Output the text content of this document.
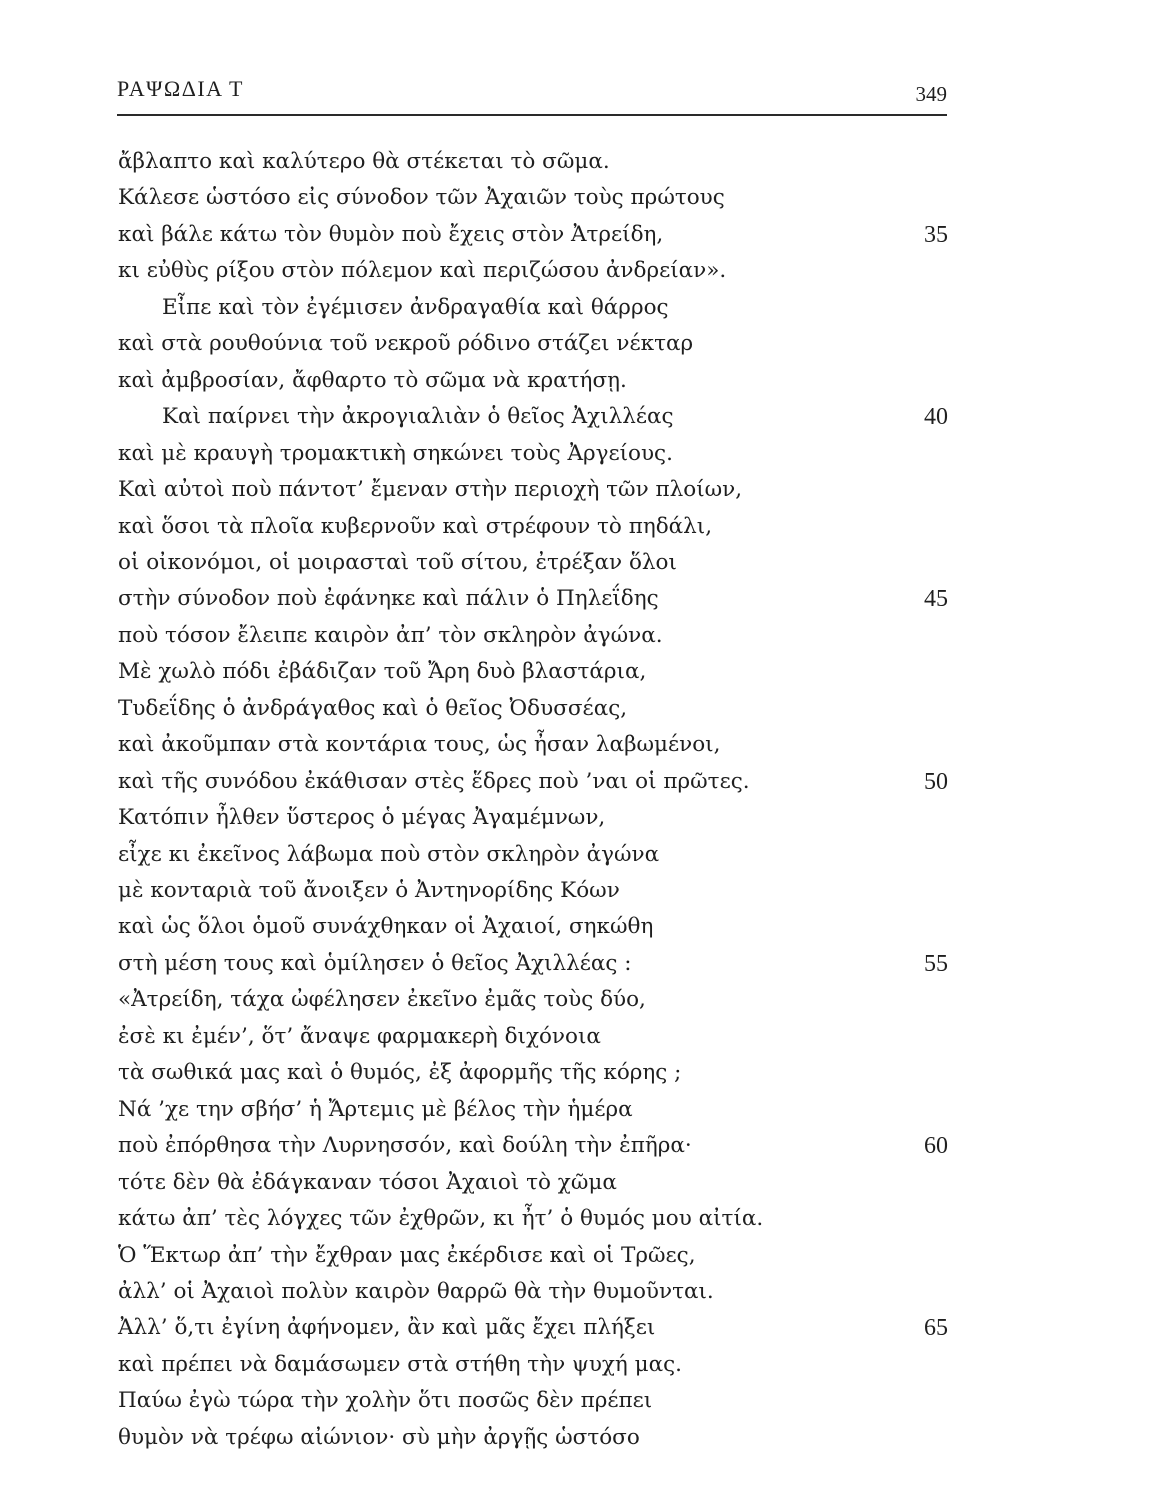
ΡΑΨΩΔΙΑ Τ	349
ἄβλαπτο καὶ καλύτερο θὰ στέκεται τὸ σῶμα.
Κάλεσε ὡστόσο εἰς σύνοδον τῶν Ἀχαιῶν τοὺς πρώτους
καὶ βάλε κάτω τὸν θυμὸν ποὺ ἔχεις στὸν Ἀτρείδη,	35
κι εὐθὺς ρίξου στὸν πόλεμον καὶ περιζώσου ἀνδρείαν».
Εἶπε καὶ τὸν ἐγέμισεν ἀνδραγαθία καὶ θάρρος
καὶ στὰ ρουθούνια τοῦ νεκροῦ ρόδινο στάζει νέκταρ
καὶ ἀμβροσίαν, ἄφθαρτο τὸ σῶμα νὰ κρατήσῃ.
Καὶ παίρνει τὴν ἀκρογιαλιὰν ὁ θεῖος Ἀχιλλέας	40
καὶ μὲ κραυγὴ τρομακτικὴ σηκώνει τοὺς Ἀργείους.
Καὶ αὐτοὶ ποὺ πάντοτ’ ἔμεναν στὴν περιοχὴ τῶν πλοίων,
καὶ ὅσοι τὰ πλοῖα κυβερνοῦν καὶ στρέφουν τὸ πηδάλι,
οἱ οἰκονόμοι, οἱ μοιρασταὶ τοῦ σίτου, ἐτρέξαν ὅλοι
στὴν σύνοδον ποὺ ἐφάνηκε καὶ πάλιν ὁ Πηλεΐδης	45
ποὺ τόσον ἔλειπε καιρὸν ἀπ’ τὸν σκληρὸν ἀγώνα.
Μὲ χωλὸ πόδι ἐβάδιζαν τοῦ Ἄρη δυὸ βλαστάρια,
Τυδεΐδης ὁ ἀνδράγαθος καὶ ὁ θεῖος Ὀδυσσέας,
καὶ ἀκοῦμπαν στὰ κοντάρια τους, ὡς ἦσαν λαβωμένοι,
καὶ τῆς συνόδου ἐκάθισαν στὲς ἕδρες ποὺ ’ναι οἱ πρῶτες.	50
Κατόπιν ἦλθεν ὕστερος ὁ μέγας Ἀγαμέμνων,
εἶχε κι ἐκεῖνος λάβωμα ποὺ στὸν σκληρὸν ἀγώνα
μὲ κονταριὰ τοῦ ἄνοιξεν ὁ Ἀντηνορίδης Κόων
καὶ ὡς ὅλοι ὁμοῦ συνάχθηκαν οἱ Ἀχαιοί, σηκώθη
στὴ μέση τους καὶ ὁμίλησεν ὁ θεῖος Ἀχιλλέας :	55
«Ἀτρείδη, τάχα ὠφέλησεν ἐκεῖνο ἐμᾶς τοὺς δύο,
ἐσὲ κι ἐμέν’, ὅτ’ ἄναψε φαρμακερὴ διχόνοια
τὰ σωθικά μας καὶ ὁ θυμός, ἐξ ἀφορμῆς τῆς κόρης ;
Νά ’χε την σβήσ’ ἡ Ἄρτεμις μὲ βέλος τὴν ἡμέρα
ποὺ ἐπόρθησα τὴν Λυρνησσόν, καὶ δούλη τὴν ἐπῆρα·	60
τότε δὲν θὰ ἐδάγκαναν τόσοι Ἀχαιοὶ τὸ χῶμα
κάτω ἀπ’ τὲς λόγχες τῶν ἐχθρῶν, κι ἦτ’ ὁ θυμός μου αἰτία.
Ὁ Ἕκτωρ ἀπ’ τὴν ἔχθραν μας ἐκέρδισε καὶ οἱ Τρῶες,
ἀλλ’ οἱ Ἀχαιοὶ πολὺν καιρὸν θαρρῶ θὰ τὴν θυμοῦνται.
Ἀλλ’ ὅ,τι ἐγίνη ἀφήνομεν, ἂν καὶ μᾶς ἔχει πλήξει	65
καὶ πρέπει νὰ δαμάσωμεν στὰ στήθη τὴν ψυχή μας.
Παύω ἐγὼ τώρα τὴν χολὴν ὅτι ποσῶς δὲν πρέπει
θυμὸν νὰ τρέφω αἰώνιον· σὺ μὴν ἀργῇς ὡστόσο
